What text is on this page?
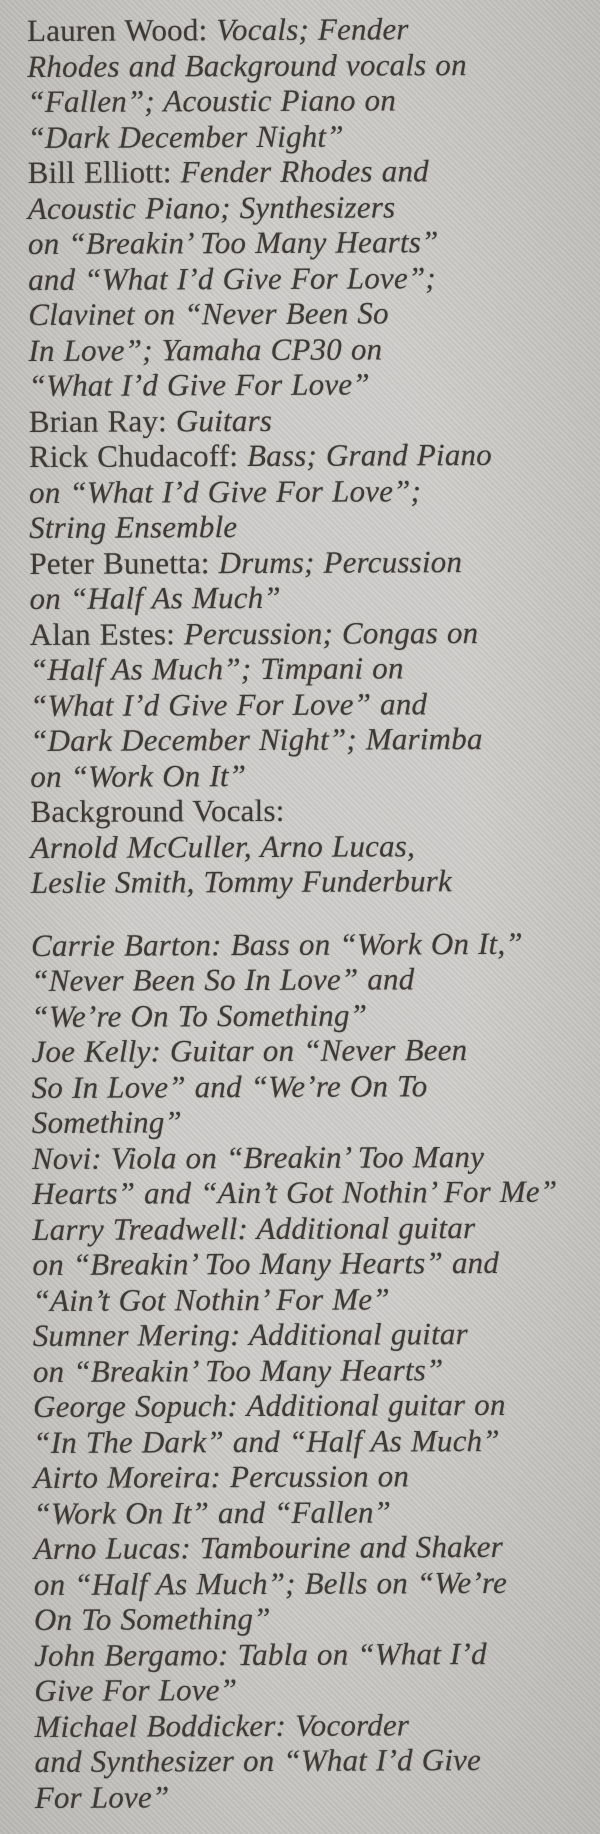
Lauren Wood: Vocals; Fender
Rhodes and Background vocals on
“Fallen”; Acoustic Piano on
“Dark December Night”
Bill Elliott: Fender Rhodes and
Acoustic Piano; Synthesizers
on “Breakin’ Too Many Hearts”
and “What I’d Give For Love”;
Clavinet on “Never Been So
In Love”; Yamaha CP30 on
“What I’d Give For Love”
Brian Ray: Guitars
Rick Chudacoff: Bass; Grand Piano
on “What I’d Give For Love”;
String Ensemble
Peter Bunetta: Drums; Percussion
on “Half As Much”
Alan Estes: Percussion; Congas on
“Half As Much”; Timpani on
“What I’d Give For Love” and
“Dark December Night”; Marimba
on “Work On It”
Background Vocals:
Arnold McCuller, Arno Lucas,
Leslie Smith, Tommy Funderburk
Carrie Barton: Bass on “Work On It,”
“Never Been So In Love” and
“We’re On To Something”
Joe Kelly: Guitar on “Never Been
So In Love” and “We’re On To
Something”
Novi: Viola on “Breakin’ Too Many
Hearts” and “Ain’t Got Nothin’ For Me”
Larry Treadwell: Additional guitar
on “Breakin’ Too Many Hearts” and
“Ain’t Got Nothin’ For Me”
Sumner Mering: Additional guitar
on “Breakin’ Too Many Hearts”
George Sopuch: Additional guitar on
“In The Dark” and “Half As Much”
Airto Moreira: Percussion on
“Work On It” and “Fallen”
Arno Lucas: Tambourine and Shaker
on “Half As Much”; Bells on “We’re
On To Something”
John Bergamo: Tabla on “What I’d
Give For Love”
Michael Boddicker: Vocorder
and Synthesizer on “What I’d Give
For Love”
